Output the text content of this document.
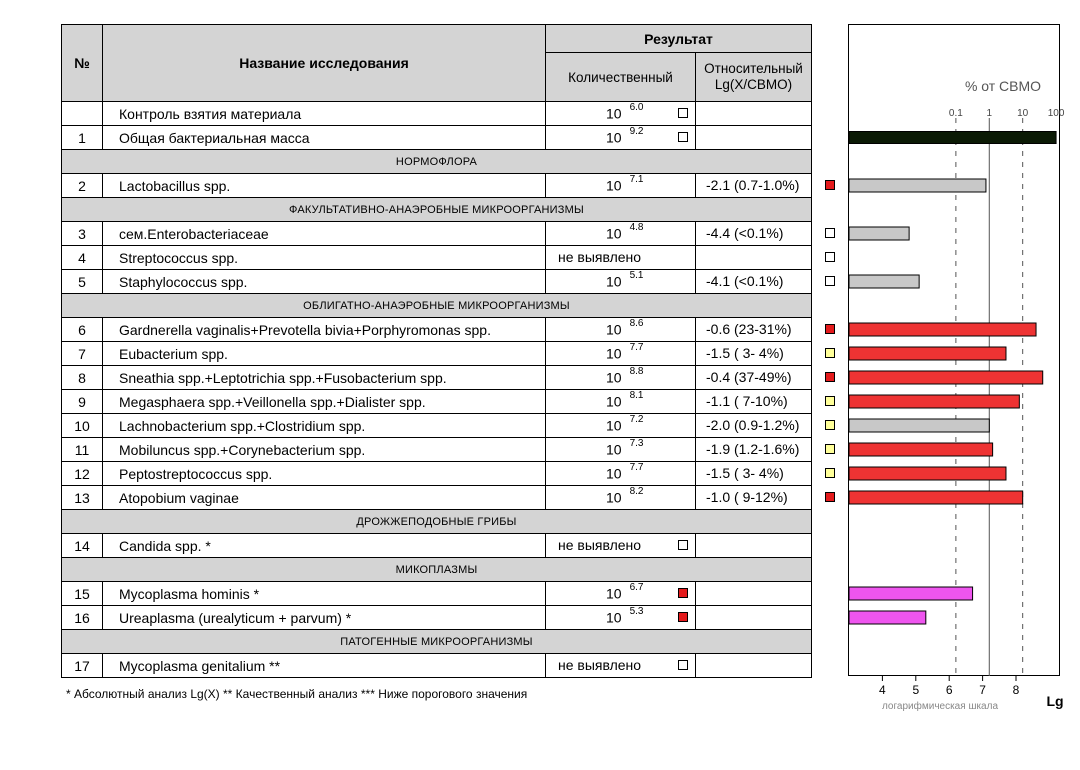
№	Название исследования	Результат	
		Количественный	Относительный
Lg(X/CBMO)
	Контроль взятия материала	10 $^{6.0}$

1	Общая бактериальная масса	10 $^{9.2}$

НОРМОФЛОРА			
2	Lactobacillus spp.	10 $^{7.1}$	-2.1 (0.7-1.0%)

ФАКУЛЬТАТИВНО-АНАЭРОБНЫЕ МИКРООРГАНИЗМЫ			
3	сем.Enterobacteriaceae	10 $^{4.8}$	-4.4 (<0.1%)

4	Streptococcus spp.	не выявлено	

5	Staphylococcus spp.	10 $^{5.1}$	-4.1 (<0.1%)

ОБЛИГАТНО-АНАЭРОБНЫЕ МИКРООРГАНИЗМЫ			
6	Gardnerella vaginalis+Prevotella bivia+Porphyromonas spp.	10 $^{8.6}$	-0.6 (23-31%)

7	Eubacterium spp.	10 $^{7.7}$	-1.5 ( 3- 4%)

8	Sneathia spp.+Leptotrichia spp.+Fusobacterium spp.	10 $^{8.8}$	-0.4 (37-49%)

9	Megasphaera spp.+Veillonella spp.+Dialister spp.	10 $^{8.1}$	-1.1 ( 7-10%)

10	Lachnobacterium spp.+Clostridium spp.	10 $^{7.2}$	-2.0 (0.9-1.2%)

11	Mobiluncus spp.+Corynebacterium spp.	10 $^{7.3}$	-1.9 (1.2-1.6%)

12	Peptostreptococcus spp.	10 $^{7.7}$	-1.5 ( 3- 4%)

13	Atopobium vaginae	10 $^{8.2}$	-1.0 ( 9-12%)

ДРОЖЖЕПОДОБНЫЕ ГРИБЫ			
14	Candida spp. *	не выявлено	

МИКОПЛАЗМЫ			
15	Mycoplasma hominis *	10 $^{6.7}$

16	Ureaplasma (urealyticum + parvum) *	10 $^{5.3}$

ПАТОГЕННЫЕ МИКРООРГАНИЗМЫ			
17	Mycoplasma genitalium **	не выявлено	

% от СВМО
0.1 1	10 100
4 5 6 7 8
логарифмическая шкала	Lg
* Абсолютный анализ Lg(X) ** Качественный анализ *** Ниже порогового значения
